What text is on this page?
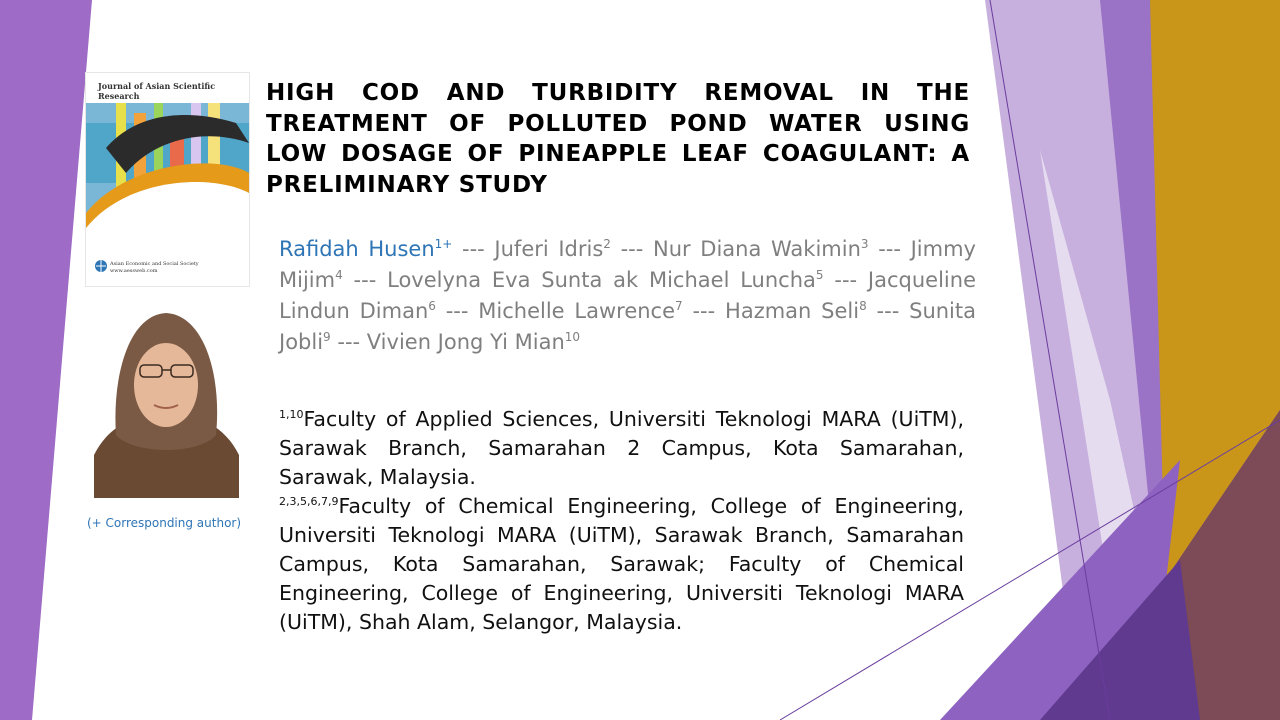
Journal of Asian Scientific Research
Asian Economic and Social Society
www.aessweb.com
(+ Corresponding author)
HIGH COD AND TURBIDITY REMOVAL IN THE TREATMENT OF POLLUTED POND WATER USING LOW DOSAGE OF PINEAPPLE LEAF COAGULANT: A PRELIMINARY STUDY
Rafidah Husen$^{1+}$ --- Juferi Idris$^2$ --- Nur Diana Wakimin$^3$ --- Jimmy Mijim$^4$ --- Lovelyna Eva Sunta ak Michael Luncha$^5$ --- Jacqueline Lindun Diman$^6$ --- Michelle Lawrence$^7$ --- Hazman Seli$^8$ --- Sunita Jobli$^9$ --- Vivien Jong Yi Mian$^{10}$

$^{1,10}$Faculty of Applied Sciences, Universiti Teknologi MARA (UiTM), Sarawak Branch, Samarahan 2 Campus, Kota Samarahan, Sarawak, Malaysia.

$^{2,3,5,6,7,9}$Faculty of Chemical Engineering, College of Engineering, Universiti Teknologi MARA (UiTM), Sarawak Branch, Samarahan Campus, Kota Samarahan, Sarawak; Faculty of Chemical Engineering, College of Engineering, Universiti Teknologi MARA (UiTM), Shah Alam, Selangor, Malaysia.
